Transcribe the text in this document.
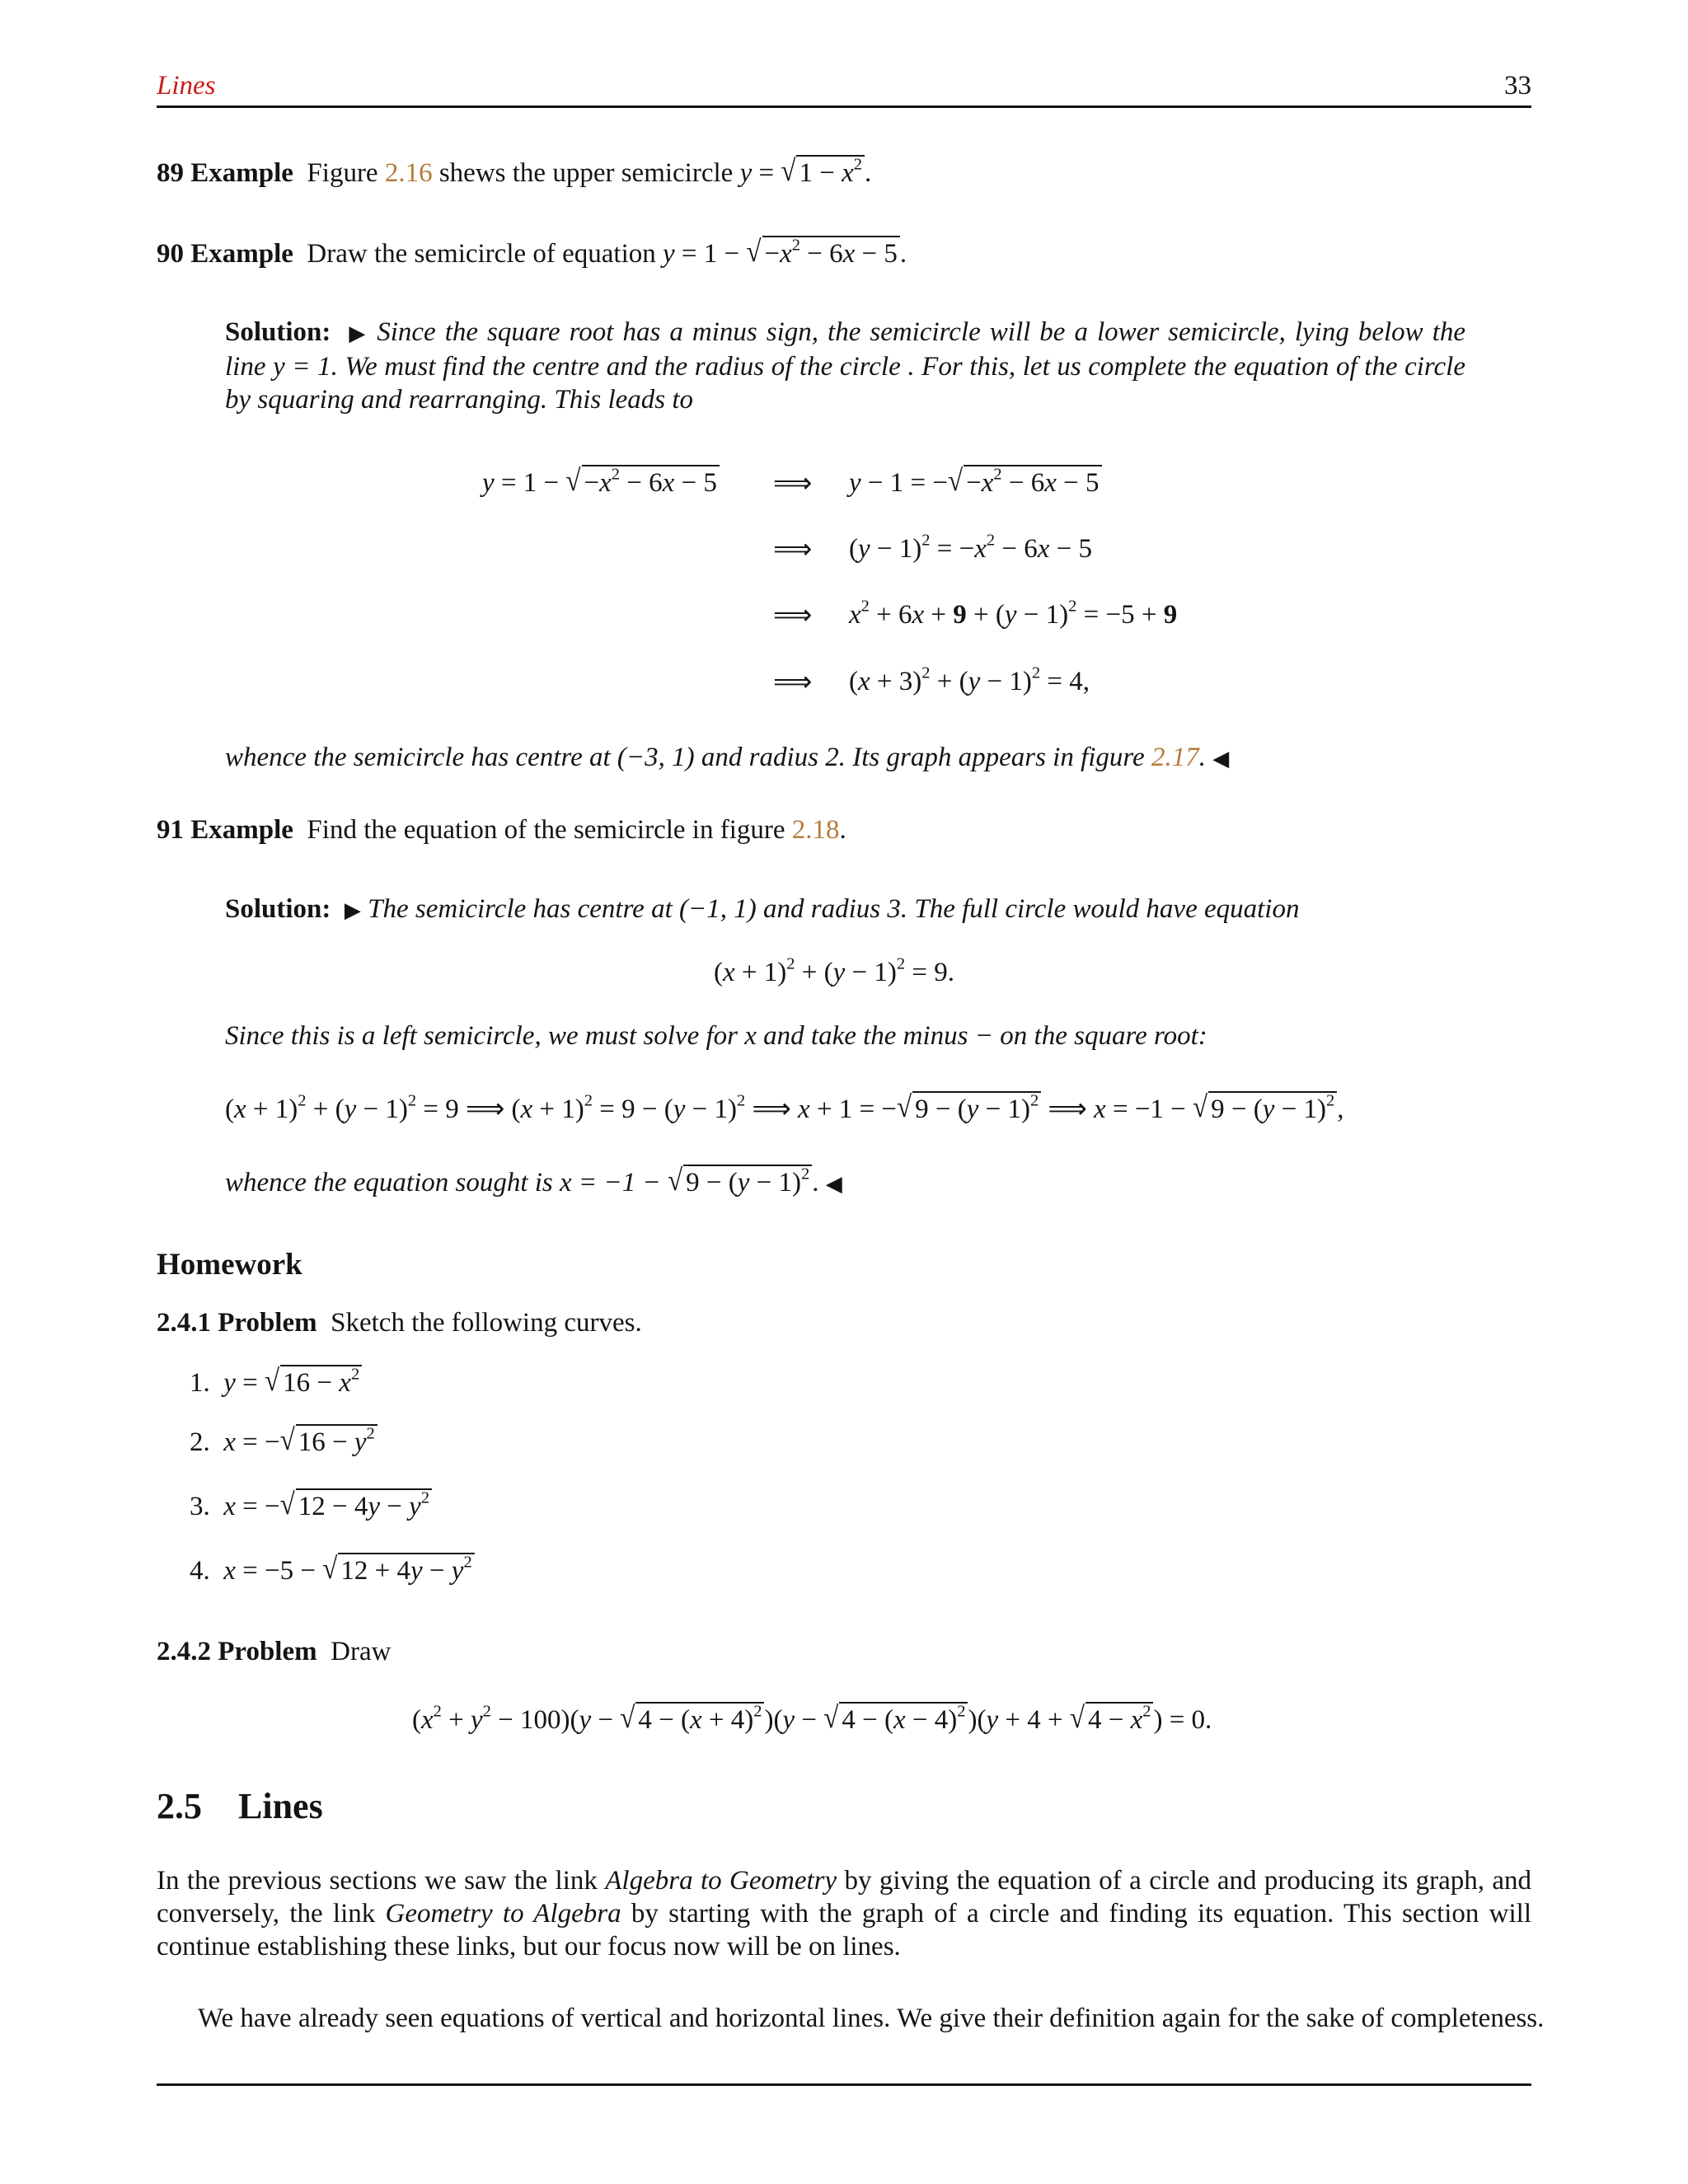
Lines	33
89 Example Figure 2.16 shews the upper semicircle y = √ $1 - x^2$.
90 Example Draw the semicircle of equation y = 1 − √ $-x^2 - 6x - 5$.
Solution: ▶ Since the square root has a minus sign, the semicircle will be a lower semicircle, lying below the
line y = 1. We must find the centre and the radius of the circle . For this, let us complete the equation of the circle
by squaring and rearranging. This leads to
y = 1 − √ $-x^2 - 6x - 5$ ⟹ y − 1 = −√ $-x^2 - 6x - 5$
⟹ $(y - 1)^2 = -x^2 - 6x - 5$
⟹ $x^2 + 6x + 9 + (y - 1)^2 = -5 + 9$
⟹ $(x + 3)^2 + (y - 1)^2 = 4$,
whence the semicircle has centre at (−3, 1) and radius 2. Its graph appears in figure 2.17. ◀
91 Example Find the equation of the semicircle in figure 2.18.
Solution: ▶ The semicircle has centre at (−1, 1) and radius 3. The full circle would have equation
$(x + 1)^2 + (y - 1)^2 = 9$.
Since this is a left semicircle, we must solve for x and take the minus − on the square root:
$(x + 1)^2 + (y - 1)^2 = 9$ ⟹ $(x + 1)^2 = 9 - (y - 1)^2$ ⟹ x + 1 = −√ $9 - (y - 1)^2$ ⟹ x = −1 − √ $9 - (y - 1)^2$,
whence the equation sought is x = −1 − √ $9 - (y - 1)^2$. ◀
Homework
2.4.1 Problem Sketch the following curves.
1. y = √ $16 - x^2$
2. x = −√ $16 - y^2$
3. x = −√ $12 - 4y - y^2$
4. x = −5 − √ $12 + 4y - y^2$
2.4.2 Problem Draw
$(x^2 + y^2 - 100)(y$ − √ $4 - (x + 4)^2)(y$ − √ $4 - (x - 4)^2)(y + 4$ + √ $4 - x^2) = 0$.
2.5 Lines
In the previous sections we saw the link Algebra to Geometry by giving the equation of a circle and producing its graph, and
conversely, the link Geometry to Algebra by starting with the graph of a circle and finding its equation. This section will
continue establishing these links, but our focus now will be on lines.
We have already seen equations of vertical and horizontal lines. We give their definition again for the sake of completeness.
